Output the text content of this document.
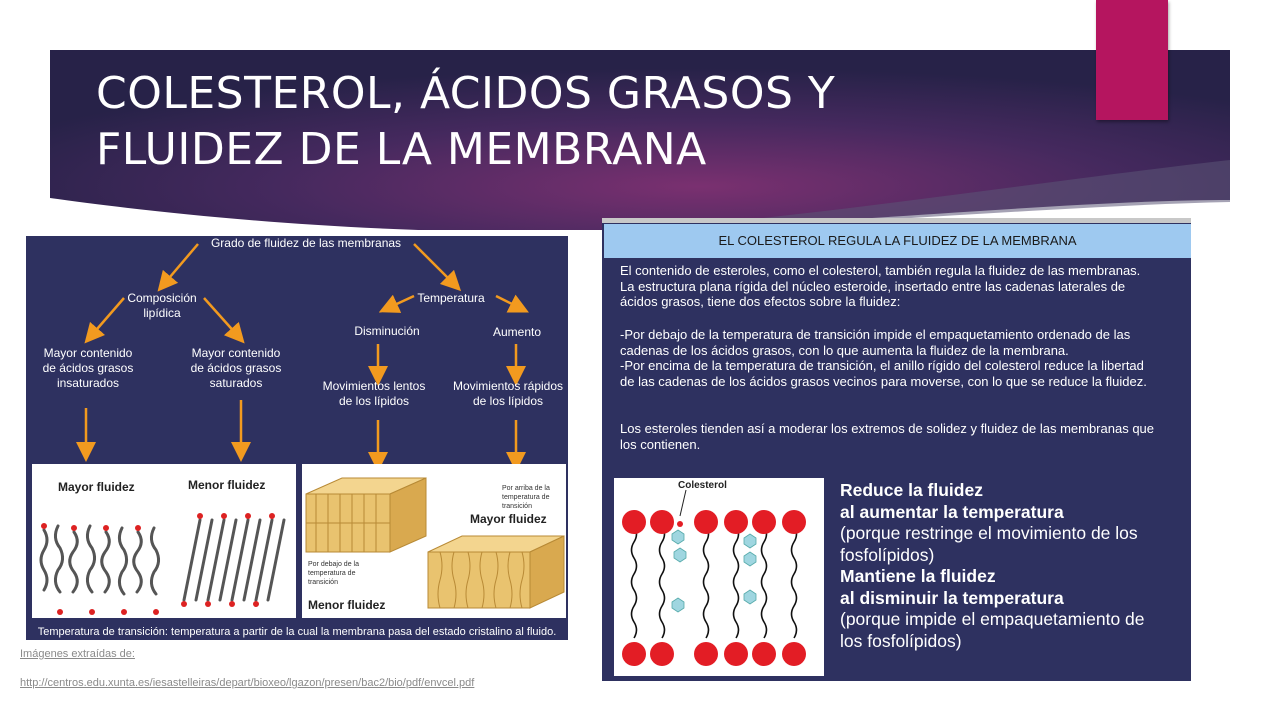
COLESTEROL, ÁCIDOS GRASOS Y
FLUIDEZ DE LA MEMBRANA
Grado de fluidez de las membranas
Composición lipídica
Temperatura
Mayor contenido de ácidos grasos insaturados
Mayor contenido de ácidos grasos saturados
Disminución	Aumento
Movimientos lentos de los lípidos
Movimientos rápidos de los lípidos
Mayor fluidez	Menor fluidez	Por arriba de la temperatura de transición
Mayor fluidez
Por debajo de la temperatura de transición
Menor fluidez
Temperatura de transición: temperatura a partir de la cual la membrana pasa del estado cristalino al fluido.
Imágenes extraídas de:
http://centros.edu.xunta.es/iesastelleiras/depart/bioxeo/lgazon/presen/bac2/bio/pdf/envcel.pdf
EL COLESTEROL REGULA LA FLUIDEZ DE LA MEMBRANA

El contenido de esteroles, como el colesterol, también regula la fluidez de las membranas.

La estructura plana rígida del núcleo esteroide, insertado entre las cadenas laterales de

ácidos grasos, tiene dos efectos sobre la fluidez:

-Por debajo de la temperatura de transición impide el empaquetamiento ordenado de las

cadenas de los ácidos grasos, con lo que aumenta la fluidez de la membrana.

-Por encima de la temperatura de transición, el anillo rígido del colesterol reduce la libertad

de las cadenas de los ácidos grasos vecinos para moverse, con lo que se reduce la fluidez.

Los esteroles tienden así a moderar los extremos de solidez y fluidez de las membranas que

los contienen.

Colesterol	Reduce la fluidez
al aumentar la temperatura
(porque restringe el movimiento de los
fosfolípidos)
Mantiene la fluidez
al disminuir la temperatura
(porque impide el empaquetamiento de
los fosfolípidos)
